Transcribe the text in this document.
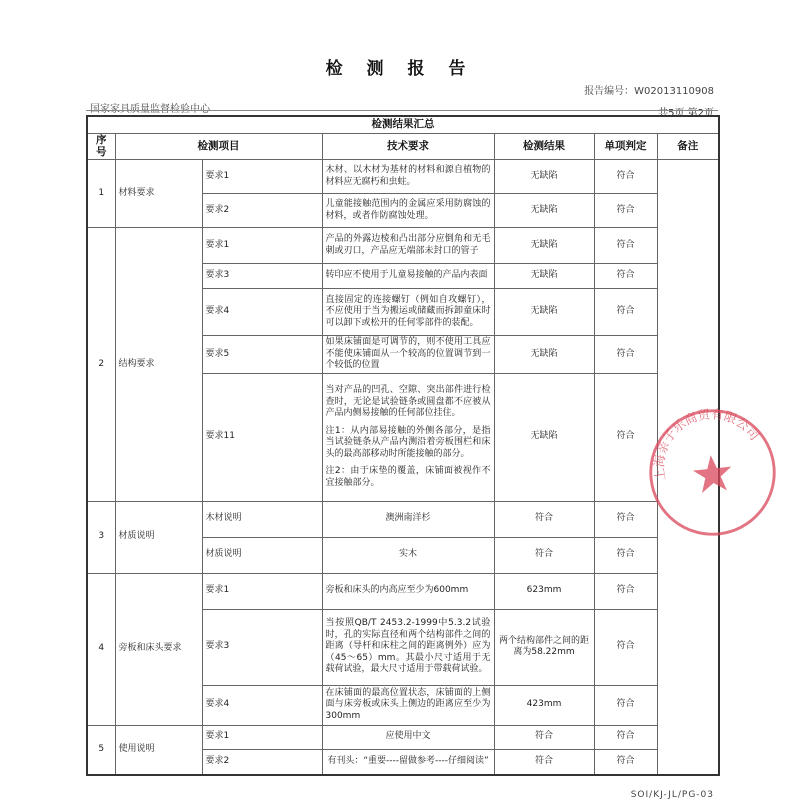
检 测 报 告
报告编号：W02013110908
国家家具质量监督检验中心	共5页 第2页
检测结果汇总						
序号	检测项目		技术要求	检测结果	单项判定	备注
1	材料要求	要求1	木材、以木材为基材的材料和源自植物的材料应无腐朽和虫蛀。	无缺陷	符合	
		要求2	儿童能接触范围内的金属应采用防腐蚀的材料，或者作防腐蚀处理。	无缺陷	符合	
2	结构要求	要求1	产品的外露边棱和凸出部分应倒角和无毛刺或刃口，产品应无端部未封口的管子	无缺陷	符合	
		要求3	转印应不使用于儿童易接触的产品内表面	无缺陷	符合	
		要求4	直接固定的连接螺钉（例如自攻螺钉），不应使用于当为搬运或储藏而拆卸童床时可以卸下或松开的任何零部件的装配。	无缺陷	符合	
		要求5	如果床铺面是可调节的，则不使用工具应不能使床铺面从一个较高的位置调节到一个较低的位置	无缺陷	符合	
		要求11	当对产品的凹孔、空隙、突出部件进行检查时，无论是试验链条或圆盘都不应被从产品内侧易接触的任何部位挂住。
注1：从内部易接触的外侧各部分，是指当试验链条从产品内测沿着旁板围栏和床头的最高部移动时所能接触的部分。
注2：由于床垫的覆盖，床铺面被视作不宜接触部分。	无缺陷	符合	
3	材质说明	木材说明	澳洲南洋杉	符合	符合	
		材质说明	实木	符合	符合	
4	旁板和床头要求	要求1	旁板和床头的内高应至少为600mm	623mm	符合	
		要求3	当按照QB/T 2453.2-1999中5.3.2试验时，孔的实际直径和两个结构部件之间的距离（导杆和床柱之间的距离例外）应为（45～65）mm。其最小尺寸适用于无载荷试验，最大尺寸适用于带载荷试验。	两个结构部件之间的距离为58.22mm	符合	
		要求4	在床铺面的最高位置状态，床铺面的上侧面与床旁板或床头上侧边的距离应至少为300mm	423mm	符合	
5	使用说明	要求1	应使用中文	符合	符合	
		要求2	有刊头：“重要----留做参考----仔细阅读”	符合	符合	
SOI/KJ-JL/PG-03
上海亲子乐商贸有限公司
